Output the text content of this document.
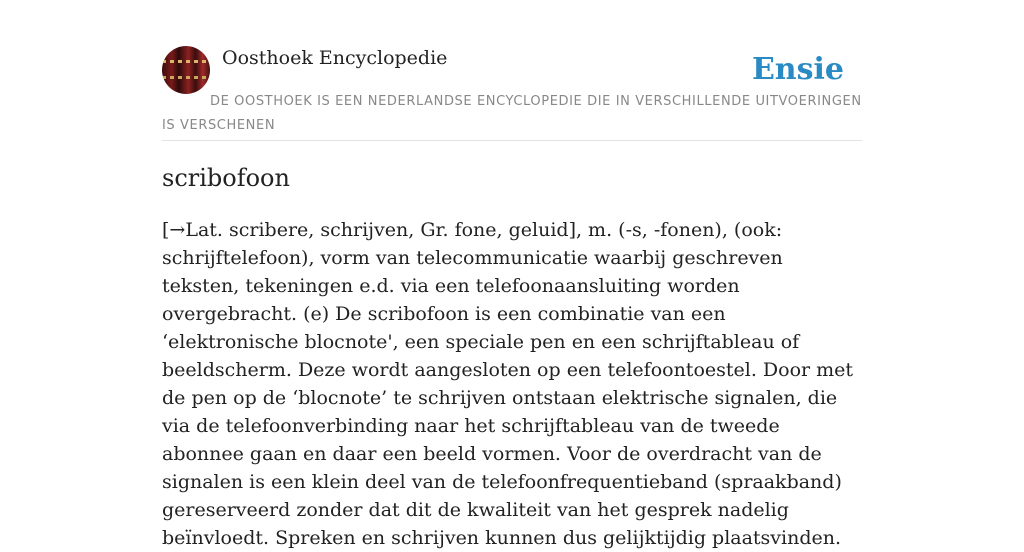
Oosthoek Encyclopedie	Ensie
DE OOSTHOEK IS EEN NEDERLANDSE ENCYCLOPEDIE DIE IN VERSCHILLENDE UITVOERINGEN IS VERSCHENEN
scribofoon

[→Lat. scribere, schrijven, Gr. fone, geluid], m. (-s, -fonen), (ook: schrijftelefoon), vorm van telecommunicatie waarbij geschreven teksten, tekeningen e.d. via een telefoonaansluiting worden overgebracht. (e) De scribofoon is een combinatie van een ‘elektronische blocnote', een speciale pen en een schrijftableau of beeldscherm. Deze wordt aangesloten op een telefoontoestel. Door met de pen op de ‘blocnote’ te schrijven ontstaan elektrische signalen, die via de telefoonverbinding naar het schrijftableau van de tweede abonnee gaan en daar een beeld vormen. Voor de overdracht van de signalen is een klein deel van de telefoonfrequentieband (spraakband) gereserveerd zonder dat dit de kwaliteit van het gesprek nadelig beïnvloedt. Spreken en schrijven kunnen dus gelijktijdig plaatsvinden.
